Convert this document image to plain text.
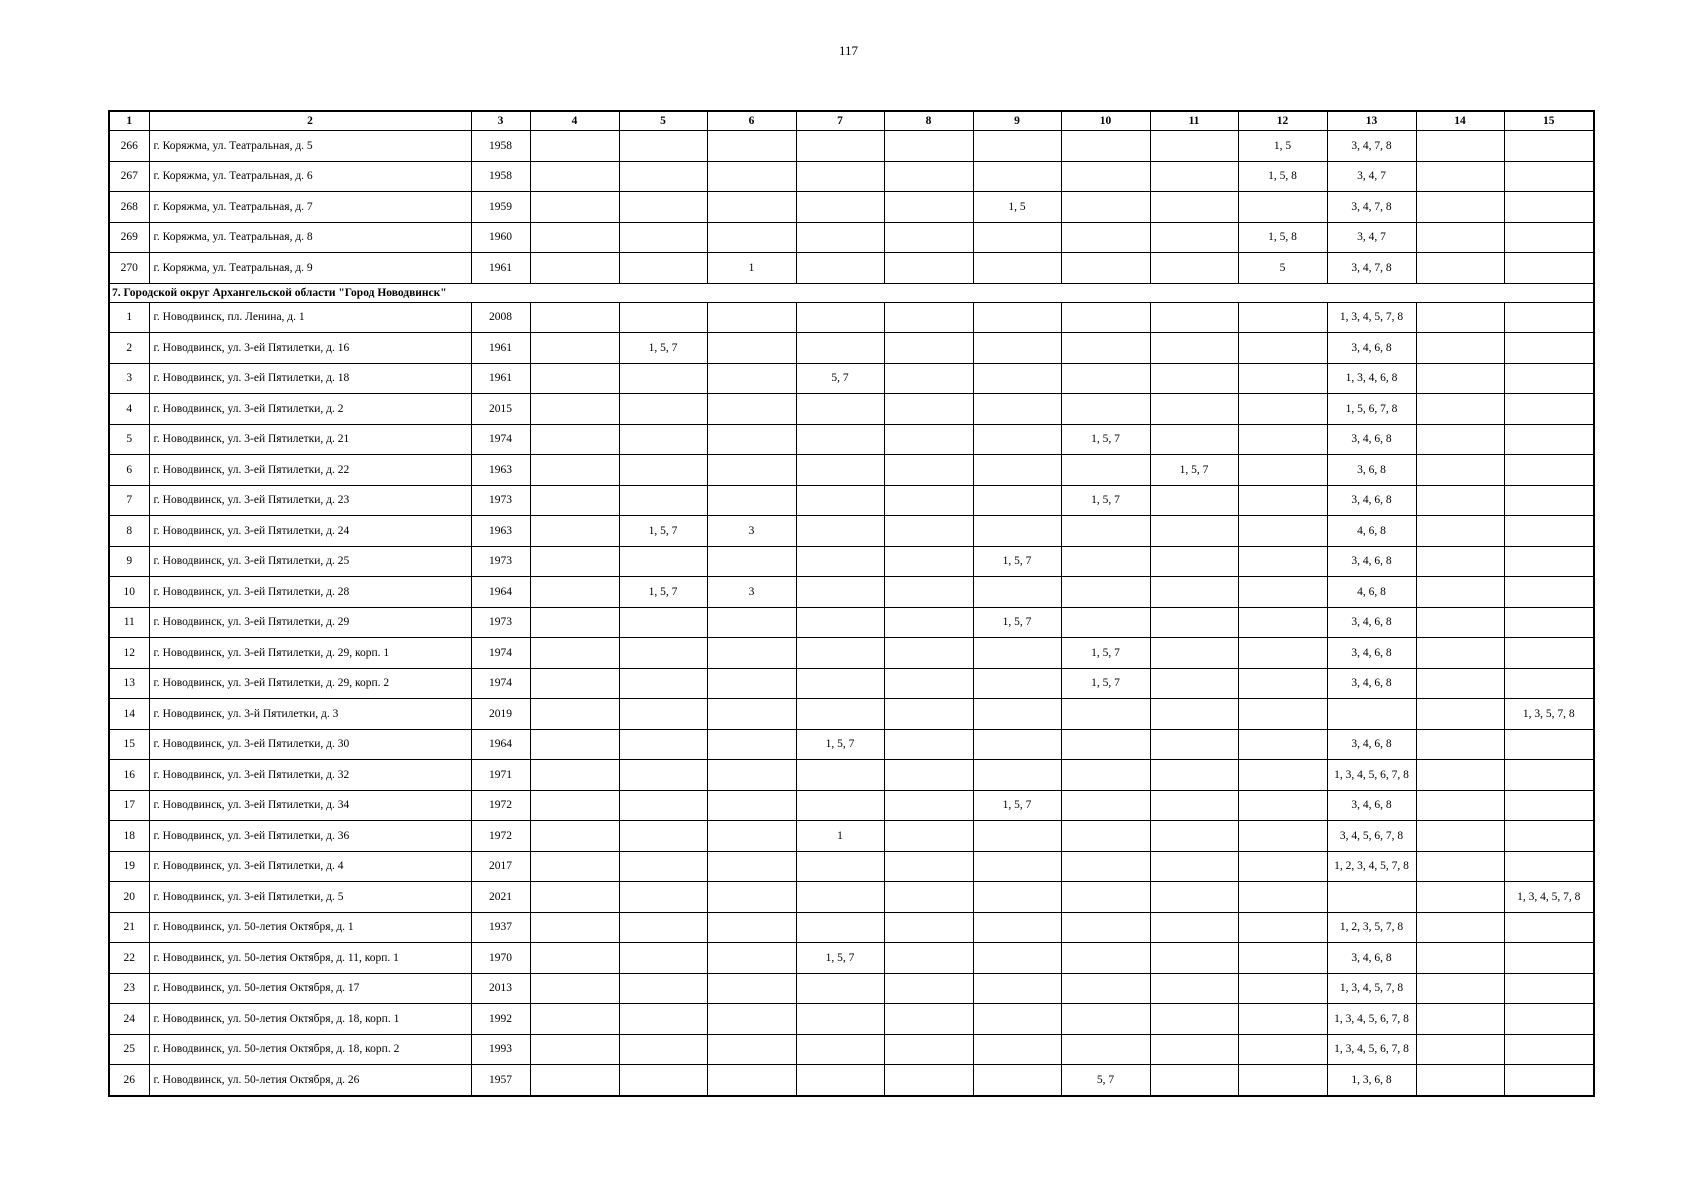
117
1	2	3	4	5	6	7	8	9	10	11	12	13	14	15
266	г. Коряжма, ул. Театральная, д. 5	1958									1, 5	3, 4, 7, 8		
267	г. Коряжма, ул. Театральная, д. 6	1958									1, 5, 8	3, 4, 7		
268	г. Коряжма, ул. Театральная, д. 7	1959						1, 5				3, 4, 7, 8		
269	г. Коряжма, ул. Театральная, д. 8	1960									1, 5, 8	3, 4, 7		
270	г. Коряжма, ул. Театральная, д. 9	1961			1						5	3, 4, 7, 8		
7. Городской округ Архангельской области "Город Новодвинск"														
1	г. Новодвинск, пл. Ленина, д. 1	2008										1, 3, 4, 5, 7, 8		
2	г. Новодвинск, ул. 3-ей Пятилетки, д. 16	1961		1, 5, 7								3, 4, 6, 8		
3	г. Новодвинск, ул. 3-ей Пятилетки, д. 18	1961				5, 7						1, 3, 4, 6, 8		
4	г. Новодвинск, ул. 3-ей Пятилетки, д. 2	2015										1, 5, 6, 7, 8		
5	г. Новодвинск, ул. 3-ей Пятилетки, д. 21	1974							1, 5, 7			3, 4, 6, 8		
6	г. Новодвинск, ул. 3-ей Пятилетки, д. 22	1963								1, 5, 7		3, 6, 8		
7	г. Новодвинск, ул. 3-ей Пятилетки, д. 23	1973							1, 5, 7			3, 4, 6, 8		
8	г. Новодвинск, ул. 3-ей Пятилетки, д. 24	1963		1, 5, 7	3							4, 6, 8		
9	г. Новодвинск, ул. 3-ей Пятилетки, д. 25	1973						1, 5, 7				3, 4, 6, 8		
10	г. Новодвинск, ул. 3-ей Пятилетки, д. 28	1964		1, 5, 7	3							4, 6, 8		
11	г. Новодвинск, ул. 3-ей Пятилетки, д. 29	1973						1, 5, 7				3, 4, 6, 8		
12	г. Новодвинск, ул. 3-ей Пятилетки, д. 29, корп. 1	1974							1, 5, 7			3, 4, 6, 8		
13	г. Новодвинск, ул. 3-ей Пятилетки, д. 29, корп. 2	1974							1, 5, 7			3, 4, 6, 8		
14	г. Новодвинск, ул. 3-й Пятилетки, д. 3	2019												1, 3, 5, 7, 8
15	г. Новодвинск, ул. 3-ей Пятилетки, д. 30	1964				1, 5, 7						3, 4, 6, 8		
16	г. Новодвинск, ул. 3-ей Пятилетки, д. 32	1971										1, 3, 4, 5, 6, 7, 8		
17	г. Новодвинск, ул. 3-ей Пятилетки, д. 34	1972						1, 5, 7				3, 4, 6, 8		
18	г. Новодвинск, ул. 3-ей Пятилетки, д. 36	1972				1						3, 4, 5, 6, 7, 8		
19	г. Новодвинск, ул. 3-ей Пятилетки, д. 4	2017										1, 2, 3, 4, 5, 7, 8		
20	г. Новодвинск, ул. 3-ей Пятилетки, д. 5	2021												1, 3, 4, 5, 7, 8
21	г. Новодвинск, ул. 50-летия Октября, д. 1	1937										1, 2, 3, 5, 7, 8		
22	г. Новодвинск, ул. 50-летия Октября, д. 11, корп. 1	1970				1, 5, 7						3, 4, 6, 8		
23	г. Новодвинск, ул. 50-летия Октября, д. 17	2013										1, 3, 4, 5, 7, 8		
24	г. Новодвинск, ул. 50-летия Октября, д. 18, корп. 1	1992										1, 3, 4, 5, 6, 7, 8		
25	г. Новодвинск, ул. 50-летия Октября, д. 18, корп. 2	1993										1, 3, 4, 5, 6, 7, 8		
26	г. Новодвинск, ул. 50-летия Октября, д. 26	1957							5, 7			1, 3, 6, 8		
